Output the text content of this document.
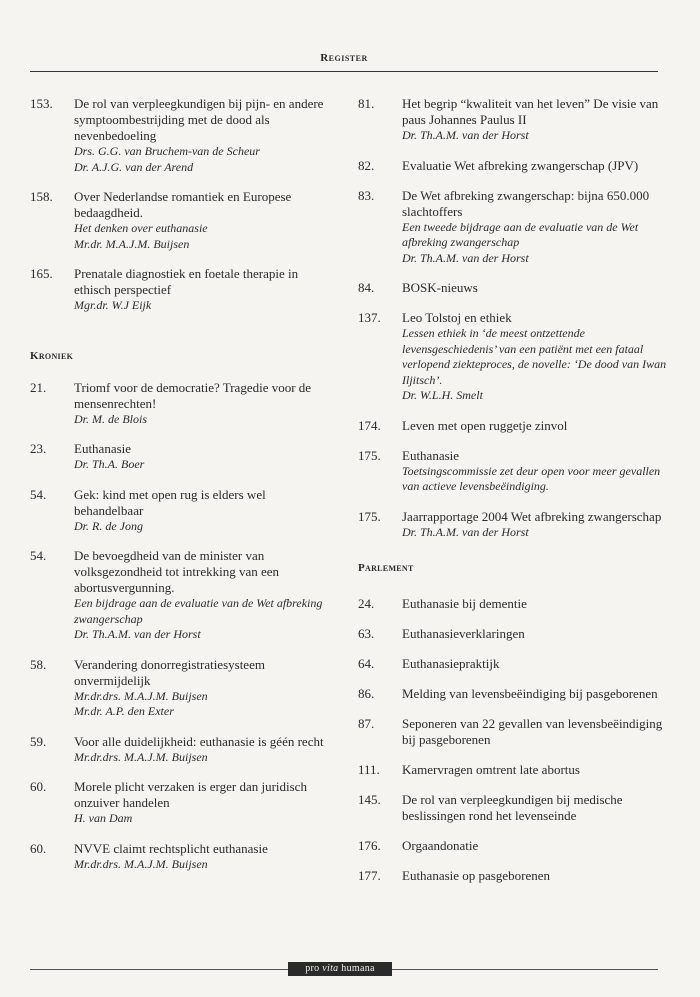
Register
153.	De rol van verpleegkundigen bij pijn- en andere symptoombestrijding met de dood als nevenbedoeling
Drs. G.G. van Bruchem-van de Scheur
Dr. A.J.G. van der Arend
158.	Over Nederlandse romantiek en Europese bedaagdheid.
Het denken over euthanasie
Mr.dr. M.A.J.M. Buijsen
165.	Prenatale diagnostiek en foetale therapie in ethisch perspectief
Mgr.dr. W.J Eijk
Kroniek
21.	Triomf voor de democratie? Tragedie voor de mensenrechten!
Dr. M. de Blois
23.	Euthanasie
Dr. Th.A. Boer
54.	Gek: kind met open rug is elders wel behandelbaar
Dr. R. de Jong
54.	De bevoegdheid van de minister van volksgezondheid tot intrekking van een abortusvergunning.
Een bijdrage aan de evaluatie van de Wet afbreking zwangerschap
Dr. Th.A.M. van der Horst
58.	Verandering donorregistratiesysteem onvermijdelijk
Mr.dr.drs. M.A.J.M. Buijsen
Mr.dr. A.P. den Exter
59.	Voor alle duidelijkheid: euthanasie is géén recht
Mr.dr.drs. M.A.J.M. Buijsen
60.	Morele plicht verzaken is erger dan juridisch onzuiver handelen
H. van Dam
60.	NVVE claimt rechtsplicht euthanasie
Mr.dr.drs. M.A.J.M. Buijsen
81.	Het begrip “kwaliteit van het leven” De visie van paus Johannes Paulus II
Dr. Th.A.M. van der Horst
82.	Evaluatie Wet afbreking zwangerschap (JPV)
83.	De Wet afbreking zwangerschap: bijna 650.000 slachtoffers
Een tweede bijdrage aan de evaluatie van de Wet afbreking zwangerschap
Dr. Th.A.M. van der Horst
84.	BOSK-nieuws
137.	Leo Tolstoj en ethiek
Lessen ethiek in ‘de meest ontzettende levensgeschiedenis’ van een patiënt met een fataal verlopend ziekteproces, de novelle: ‘De dood van Iwan Iljitsch’.
Dr. W.L.H. Smelt
174.	Leven met open ruggetje zinvol
175.	Euthanasie
Toetsingscommissie zet deur open voor meer gevallen van actieve levensbeëindiging.
175.	Jaarrapportage 2004 Wet afbreking zwangerschap
Dr. Th.A.M. van der Horst
Parlement
24.	Euthanasie bij dementie
63.	Euthanasieverklaringen
64.	Euthanasiepraktijk
86.	Melding van levensbeëindiging bij pasgeborenen
87.	Seponeren van 22 gevallen van levensbeëindiging bij pasgeborenen
111.	Kamervragen omtrent late abortus
145.	De rol van verpleegkundigen bij medische beslissingen rond het levenseinde
176.	Orgaandonatie
177.	Euthanasie op pasgeborenen
pro vita humana
